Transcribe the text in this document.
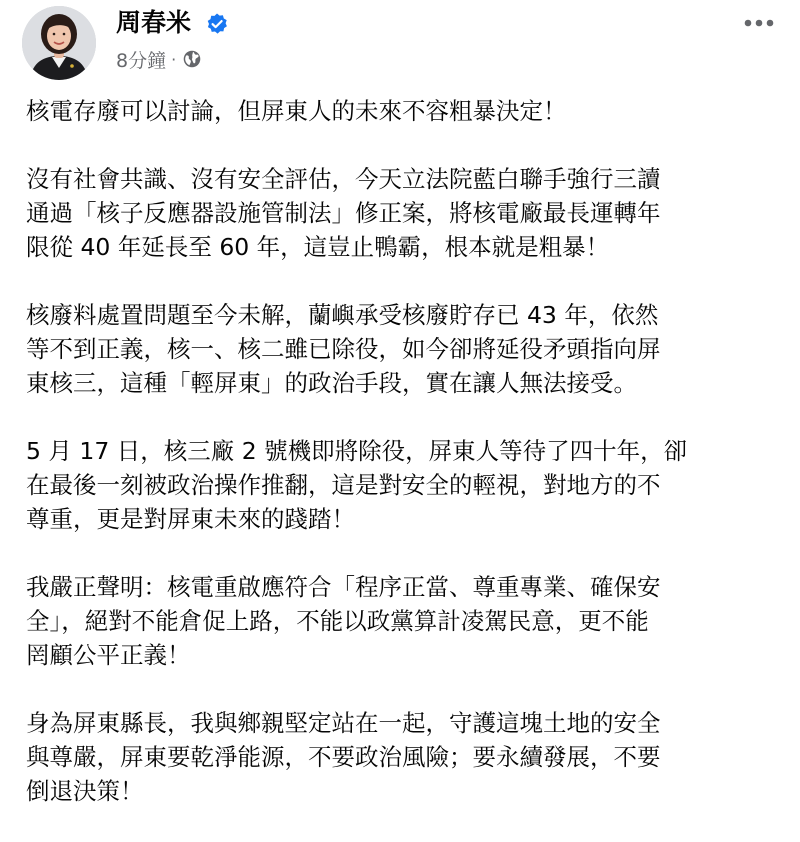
周春米
8分鐘 ·
核電存廢可以討論，但屏東人的未來不容粗暴決定！
沒有社會共識、沒有安全評估，今天立法院藍白聯手強行三讀
通過「核子反應器設施管制法」修正案，將核電廠最長運轉年
限從 40 年延長至 60 年，這豈止鴨霸，根本就是粗暴！
核廢料處置問題至今未解，蘭嶼承受核廢貯存已 43 年，依然
等不到正義，核一、核二雖已除役，如今卻將延役矛頭指向屏
東核三，這種「輕屏東」的政治手段，實在讓人無法接受。
5 月 17 日，核三廠 2 號機即將除役，屏東人等待了四十年，卻
在最後一刻被政治操作推翻，這是對安全的輕視，對地方的不
尊重，更是對屏東未來的踐踏！
我嚴正聲明：核電重啟應符合「程序正當、尊重專業、確保安
全」，絕對不能倉促上路，不能以政黨算計凌駕民意，更不能
罔顧公平正義！
身為屏東縣長，我與鄉親堅定站在一起，守護這塊土地的安全
與尊嚴，屏東要乾淨能源，不要政治風險；要永續發展，不要
倒退決策！
